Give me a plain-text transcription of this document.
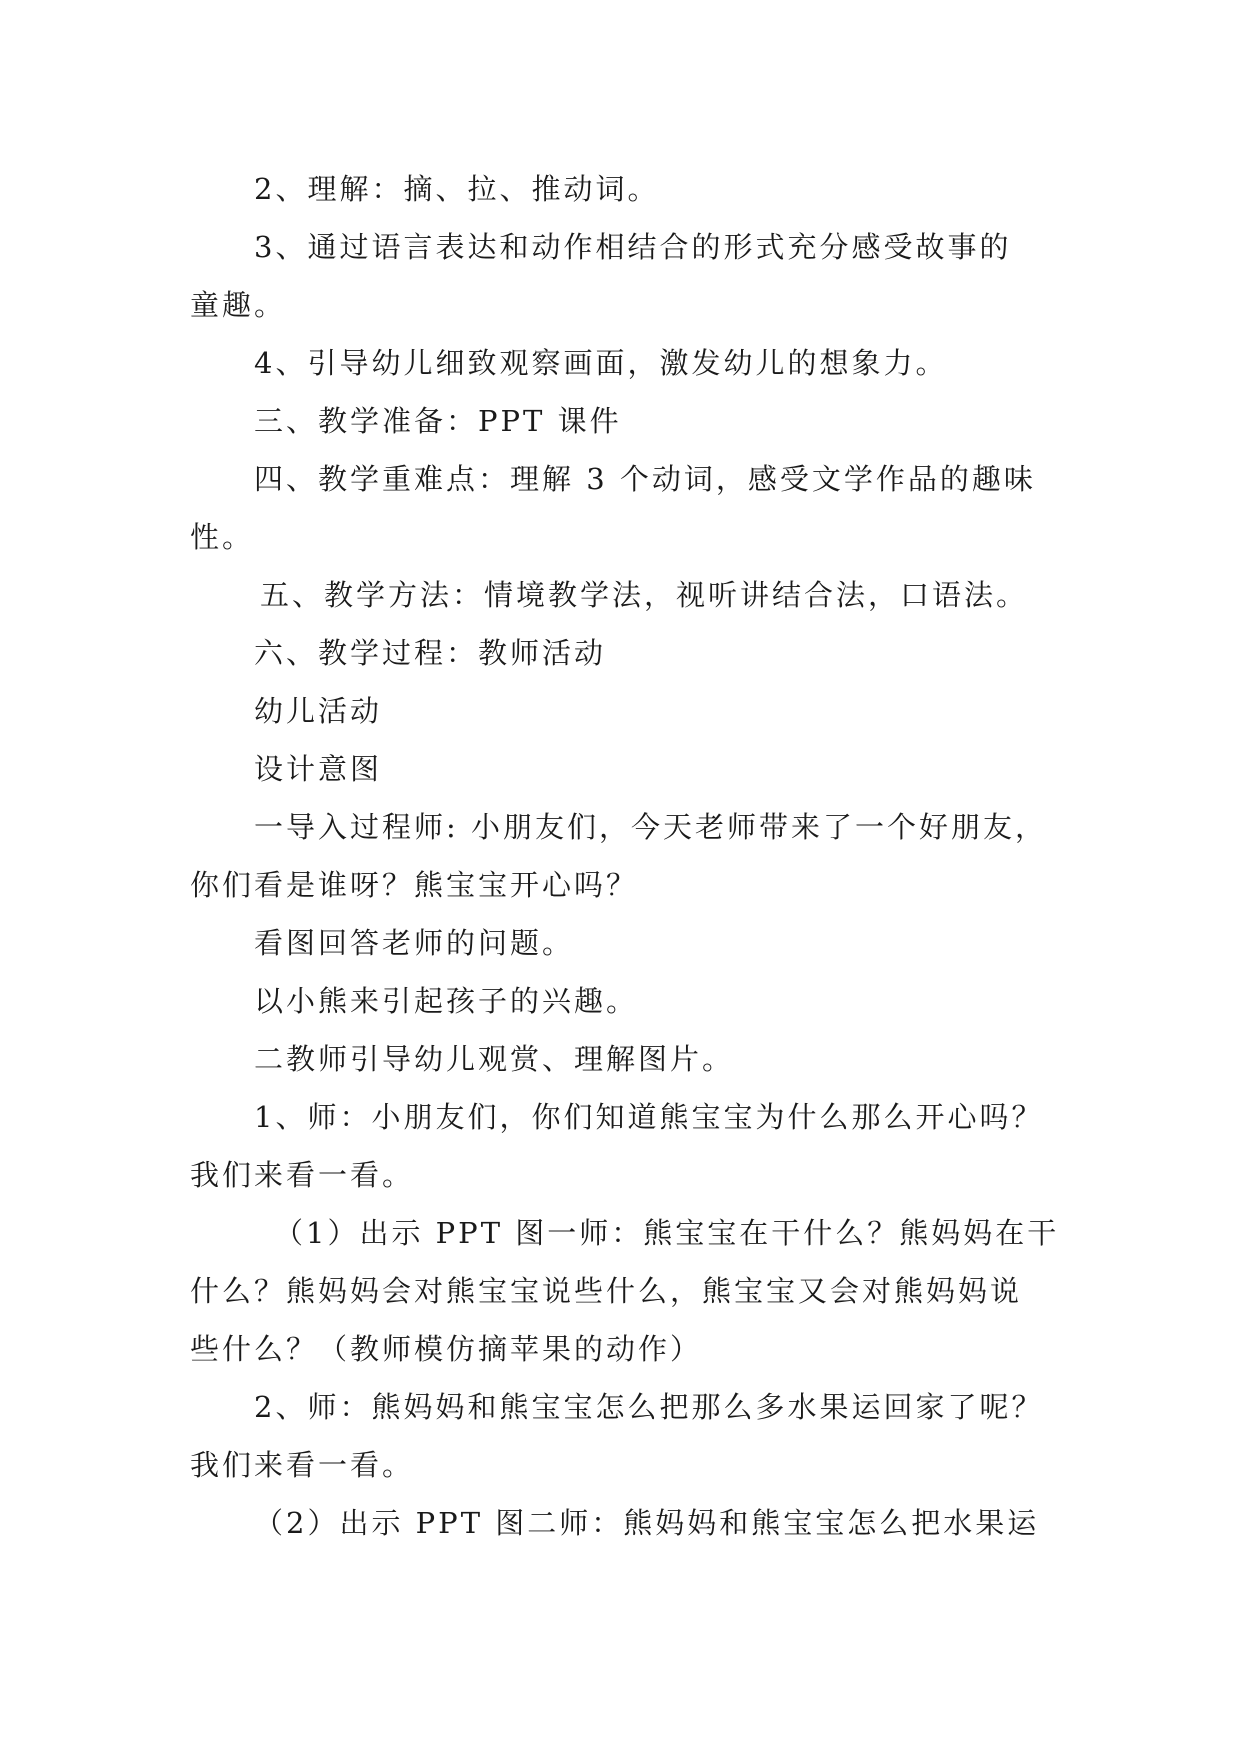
2、理解：摘、拉、推动词。

3、通过语言表达和动作相结合的形式充分感受故事的

童趣。

4、引导幼儿细致观察画面，激发幼儿的想象力。

三、教学准备：PPT 课件

四、教学重难点：理解 3 个动词，感受文学作品的趣味

性。

五、教学方法：情境教学法，视听讲结合法，口语法。

六、教学过程：教师活动

幼儿活动

设计意图

一导入过程师: 小朋友们，今天老师带来了一个好朋友，

你们看是谁呀？熊宝宝开心吗？

看图回答老师的问题。

以小熊来引起孩子的兴趣。

二教师引导幼儿观赏、理解图片。

1、师：小朋友们，你们知道熊宝宝为什么那么开心吗？

我们来看一看。

（1）出示 PPT 图一师：熊宝宝在干什么？熊妈妈在干

什么？熊妈妈会对熊宝宝说些什么，熊宝宝又会对熊妈妈说

些什么？（教师模仿摘苹果的动作）

2、师：熊妈妈和熊宝宝怎么把那么多水果运回家了呢？

我们来看一看。

（2）出示 PPT 图二师：熊妈妈和熊宝宝怎么把水果运
